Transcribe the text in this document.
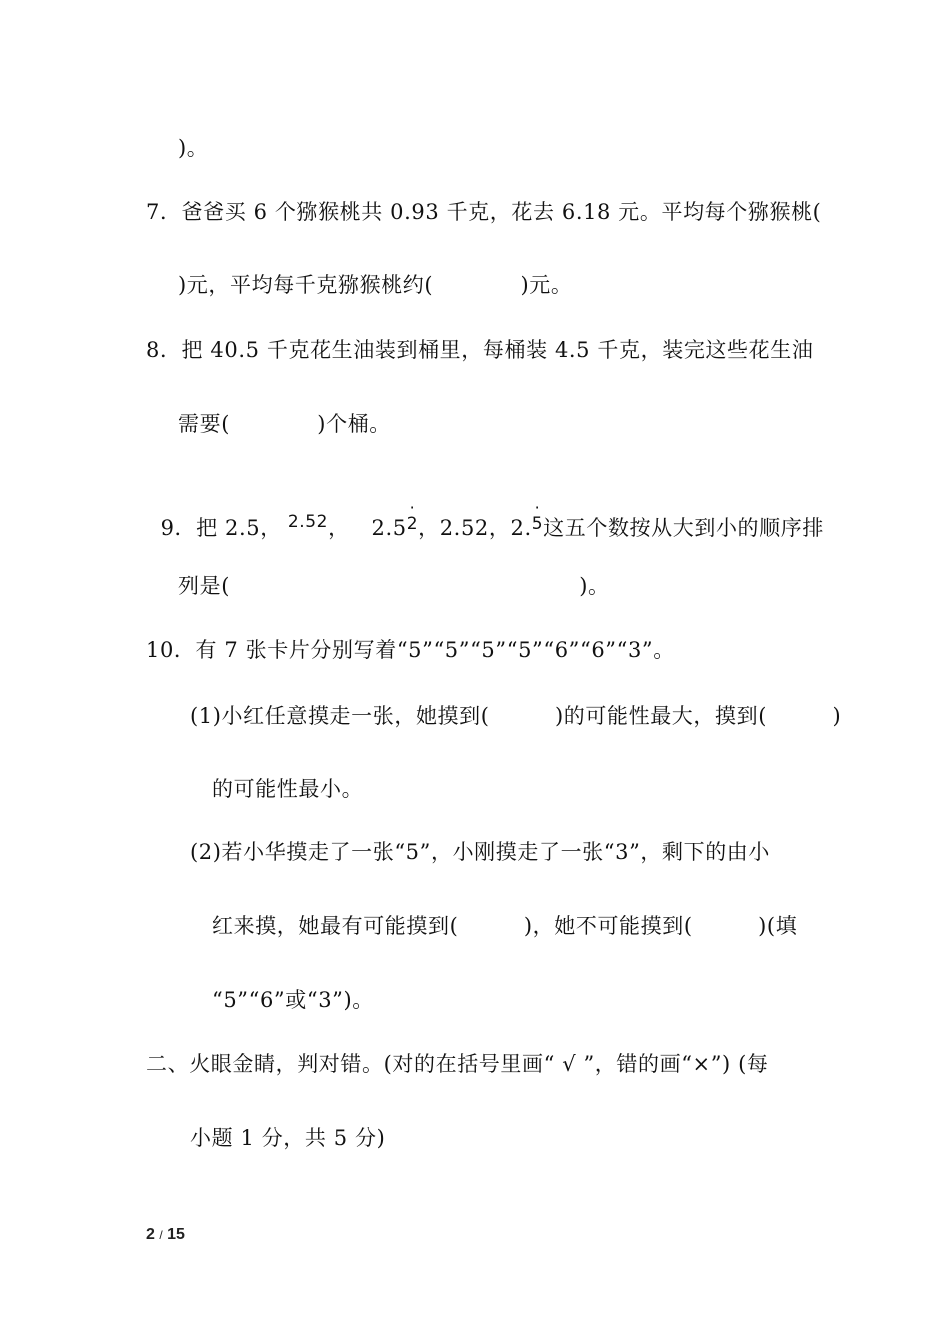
)。
7．爸爸买 6 个猕猴桃共 0.93 千克，花去 6.18 元。平均每个猕猴桃(
)元，平均每千克猕猴桃约(            )元。
8．把 40.5 千克花生油装到桶里，每桶装 4.5 千克，装完这些花生油
需要(            )个桶。

9．把 2.5， $^{2.52}$，   2.5· 2，2.52，2.· 5这五个数按从大到小的顺序排

列是(                                                )。
10．有 7 张卡片分别写着“5”“5”“5”“5”“6”“6”“3”。
(1)小红任意摸走一张，她摸到(         )的可能性最大，摸到(         )
的可能性最小。
(2)若小华摸走了一张“5”，小刚摸走了一张“3”，剩下的由小
红来摸，她最有可能摸到(         )，她不可能摸到(         )(填
“5”“6”或“3”)。
二、火眼金睛，判对错。(对的在括号里画“ √ ”，错的画“×”) (每
小题 1 分，共 5 分)
2 / 15
